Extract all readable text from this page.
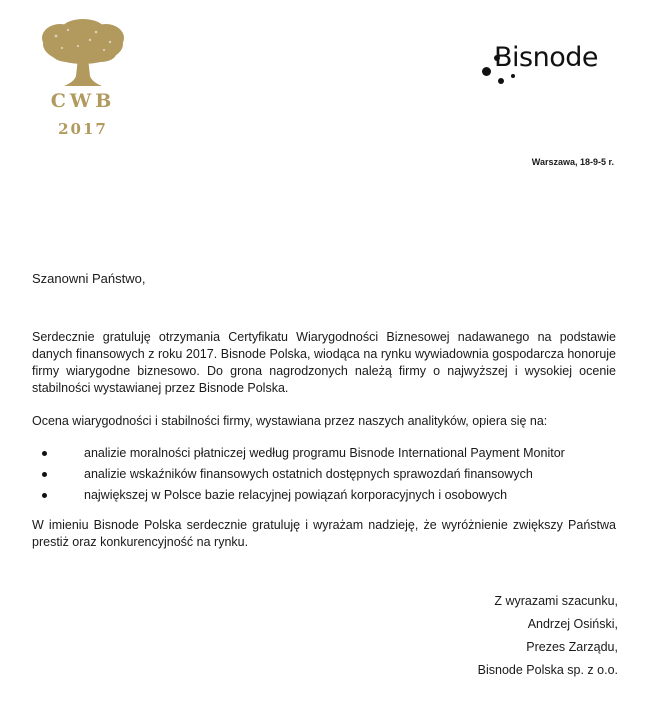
CWB
2017
Bisnode
Warszawa, 18-9-5 r.
Szanowni Państwo,

Serdecznie gratuluję otrzymania Certyfikatu Wiarygodności Biznesowej nadawanego na podstawie danych finansowych z roku 2017. Bisnode Polska, wiodąca na rynku wywiadownia gospodarcza honoruje firmy wiarygodne biznesowo. Do grona nagrodzonych należą firmy o najwyższej i wysokiej ocenie stabilności wystawianej przez Bisnode Polska.

Ocena wiarygodności i stabilności firmy, wystawiana przez naszych analityków, opiera się na:

analizie moralności płatniczej według programu Bisnode International Payment Monitor
analizie wskaźników finansowych ostatnich dostępnych sprawozdań finansowych
największej w Polsce bazie relacyjnej powiązań korporacyjnych i osobowych

W imieniu Bisnode Polska serdecznie gratuluję i wyrażam nadzieję, że wyróżnienie zwiększy Państwa prestiż oraz konkurencyjność na rynku.

Z wyrazami szacunku,
Andrzej Osiński,
Prezes Zarządu,
Bisnode Polska sp. z o.o.
